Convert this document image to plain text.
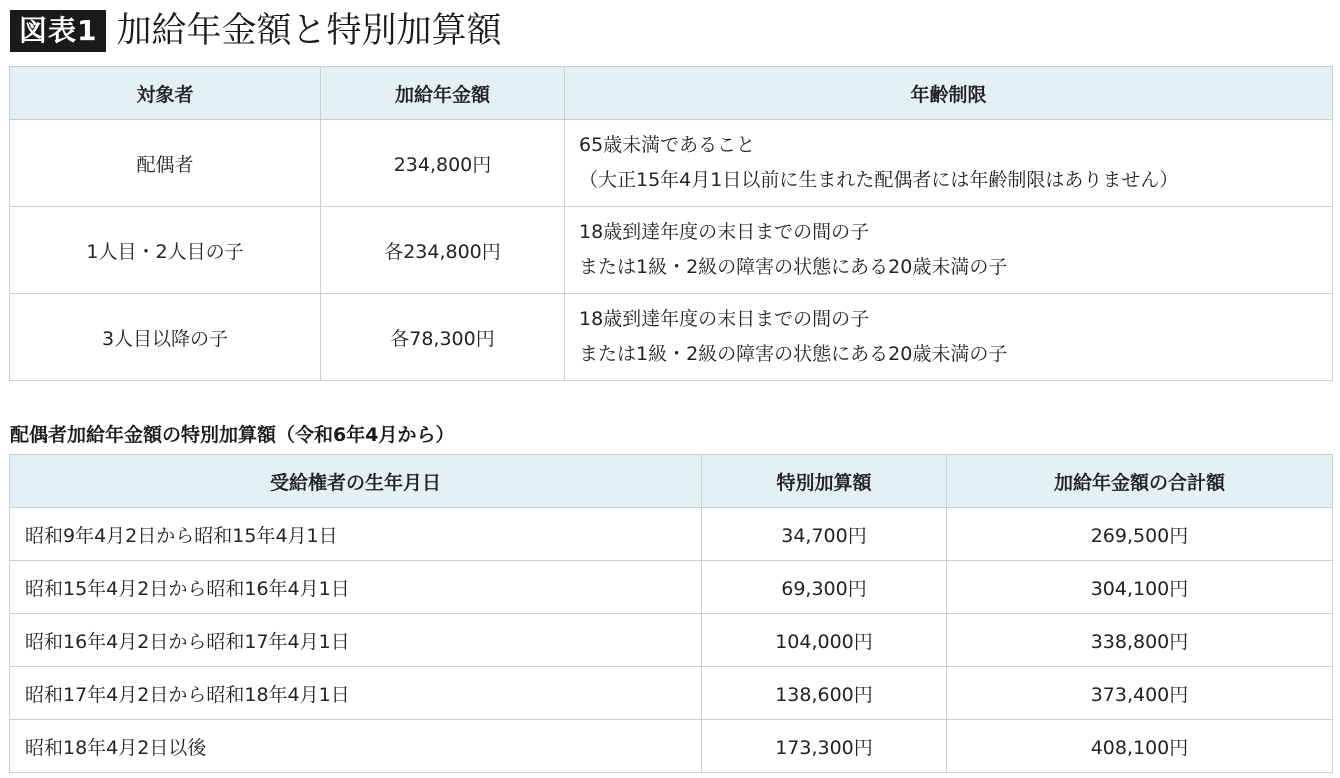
図表1 加給年金額と特別加算額
対象者	加給年金額	年齢制限
配偶者	234,800円	65歳未満であること
（大正15年4月1日以前に生まれた配偶者には年齢制限はありません）

1人目・2人目の子	各234,800円	18歳到達年度の末日までの間の子
または1級・2級の障害の状態にある20歳未満の子

3人目以降の子	各78,300円	18歳到達年度の末日までの間の子
または1級・2級の障害の状態にある20歳未満の子
配偶者加給年金額の特別加算額（令和6年4月から）
受給権者の生年月日	特別加算額	加給年金額の合計額
昭和9年4月2日から昭和15年4月1日	34,700円	269,500円
昭和15年4月2日から昭和16年4月1日	69,300円	304,100円
昭和16年4月2日から昭和17年4月1日	104,000円	338,800円
昭和17年4月2日から昭和18年4月1日	138,600円	373,400円
昭和18年4月2日以後	173,300円	408,100円
